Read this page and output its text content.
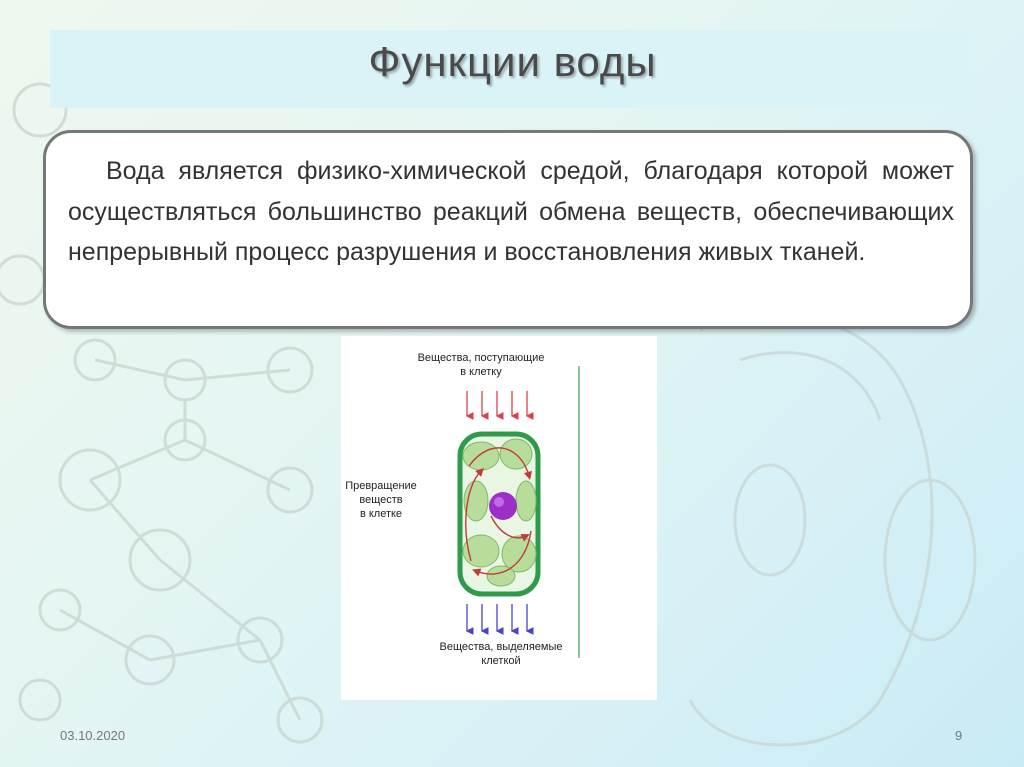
Функции воды
Вода является физико-химической средой, благодаря которой может осуществляться большинство реакций обмена веществ, обеспечивающих непрерывный процесс разрушения и восстановления живых тканей.
Вещества, поступающие
в клетку
Превращение
веществ
в клетке
Вещества, выделяемые
клеткой
03.10.2020	9
